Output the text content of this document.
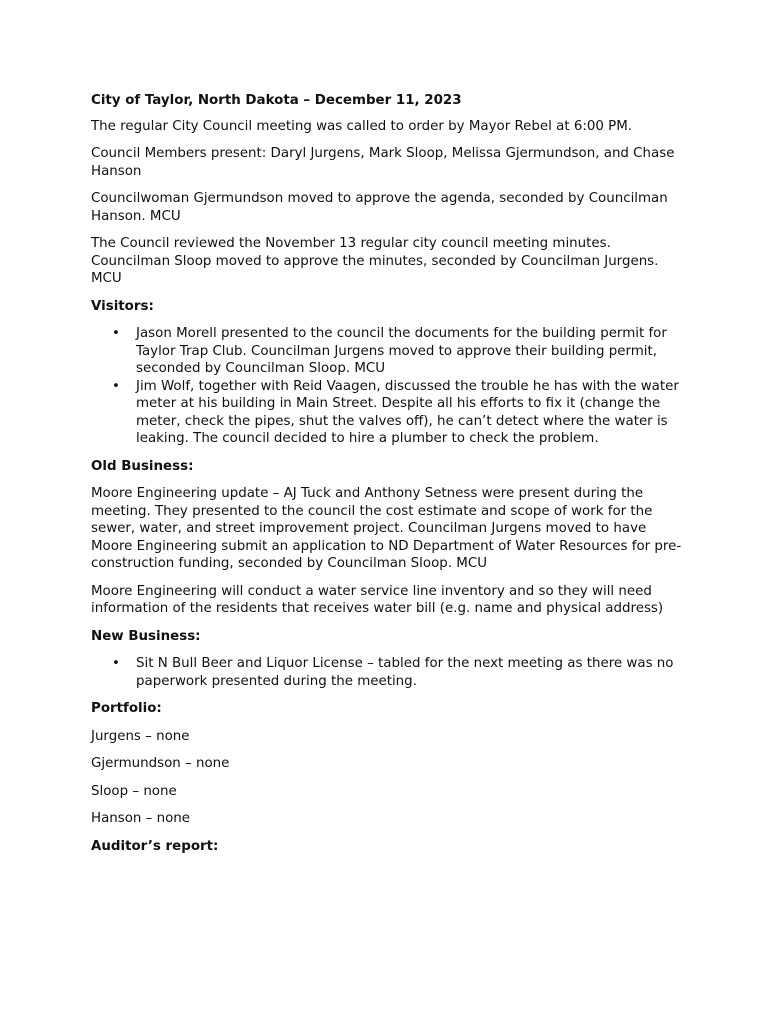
City of Taylor, North Dakota – December 11, 2023

The regular City Council meeting was called to order by Mayor Rebel at 6:00 PM.

Council Members present: Daryl Jurgens, Mark Sloop, Melissa Gjermundson, and Chase Hanson

Councilwoman Gjermundson moved to approve the agenda, seconded by Councilman Hanson. MCU

The Council reviewed the November 13 regular city council meeting minutes. Councilman Sloop moved to approve the minutes, seconded by Councilman Jurgens. MCU

Visitors:

• Jason Morell presented to the council the documents for the building permit for Taylor Trap Club. Councilman Jurgens moved to approve their building permit, seconded by Councilman Sloop. MCU
• Jim Wolf, together with Reid Vaagen, discussed the trouble he has with the water meter at his building in Main Street. Despite all his efforts to fix it (change the meter, check the pipes, shut the valves off), he can’t detect where the water is leaking. The council decided to hire a plumber to check the problem.

Old Business:

Moore Engineering update – AJ Tuck and Anthony Setness were present during the meeting. They presented to the council the cost estimate and scope of work for the sewer, water, and street improvement project. Councilman Jurgens moved to have Moore Engineering submit an application to ND Department of Water Resources for pre-construction funding, seconded by Councilman Sloop. MCU

Moore Engineering will conduct a water service line inventory and so they will need information of the residents that receives water bill (e.g. name and physical address)

New Business:

• Sit N Bull Beer and Liquor License – tabled for the next meeting as there was no paperwork presented during the meeting.

Portfolio:

Jurgens – none

Gjermundson – none

Sloop – none

Hanson – none

Auditor’s report:
